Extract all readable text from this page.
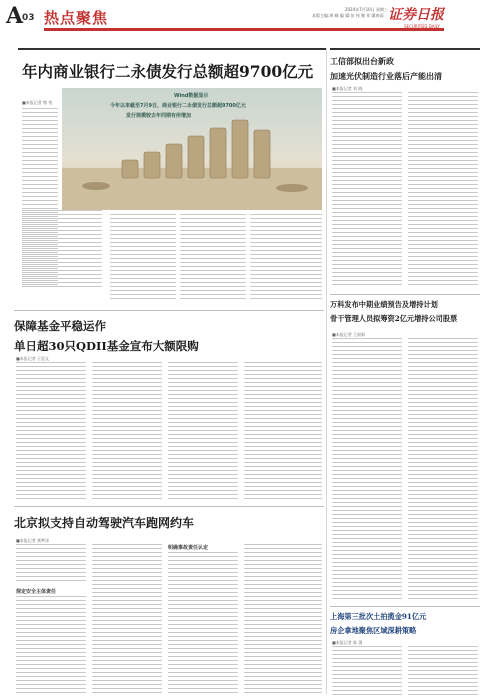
A
03 热点聚焦	2024年7月10日 星期三
本版主编:周 峰 编 辑:张 伟 制 作:董春雨 证券日报
SECURITIES DAILY
年内商业银行二永债发行总额超9700亿元
■本报记者 熊 悦
Wind数据显示
今年以来截至7月9日，商业银行二永债发行总额超9700亿元
发行规模较去年同期有所增加
工信部拟出台新政
加速光伏制造行业落后产能出清
■本报记者 刘 晓
万科发布中期业绩预告及增持计划
骨干管理人员拟筹资2亿元增持公司股票
■本报记者 王丽新
上海第三批次土拍揽金91亿元
房企拿地聚焦区域深耕策略
■本报记者 陈 潇
保障基金平稳运作
单日超30只QDII基金宣布大额限购
■本报记者 王思文
北京拟支持自动驾驶汽车跑网约车
■本报记者 龚梦泽
规定安全主体责任
明确事故责任认定
